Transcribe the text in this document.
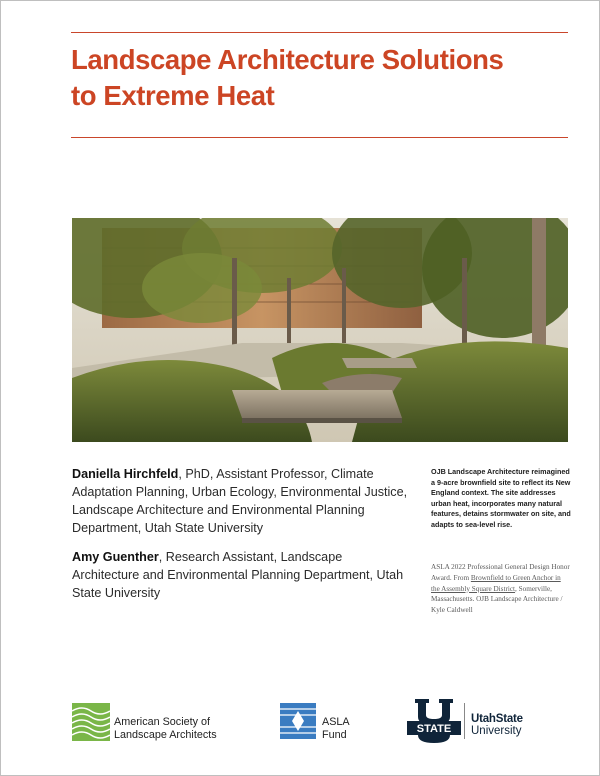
Landscape Architecture Solutions
to Extreme Heat

Daniella Hirchfeld, PhD, Assistant Professor, Climate Adaptation Planning, Urban Ecology, Environmental Justice, Landscape Architecture and Environmental Planning Department, Utah State University

Amy Guenther, Research Assistant, Landscape Architecture and Environmental Planning Department, Utah State University

OJB Landscape Architecture reimagined a 9-acre brownfield site to reflect its New England context. The site addresses urban heat, incorporates many natural features, detains stormwater on site, and adapts to sea-level rise.
ASLA 2022 Professional General Design Honor Award. From Brownfield to Green Anchor in the Assembly Square District, Somerville, Massachusetts. OJB Landscape Architecture / Kyle Caldwell
American Society of
Landscape Architects
ASLA
Fund	STATE
UtahState
University
